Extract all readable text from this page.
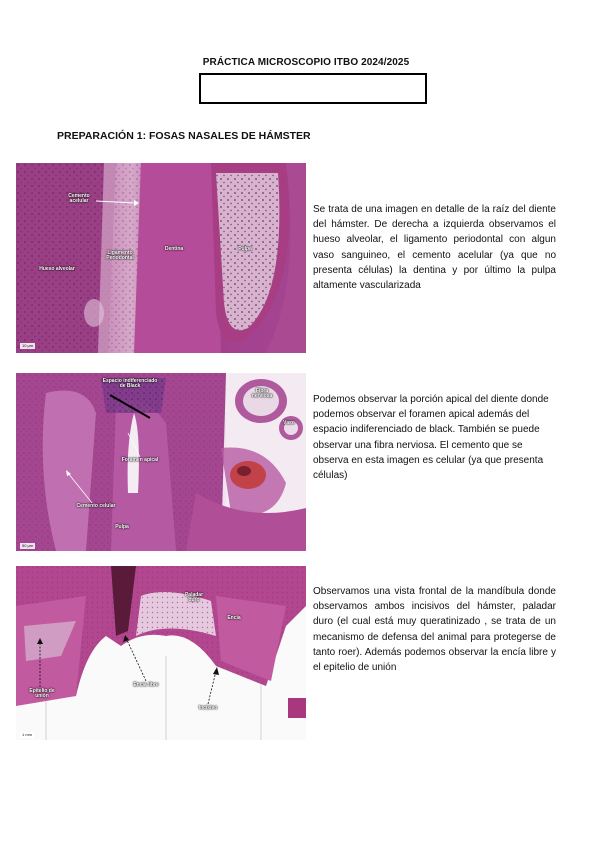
PRÁCTICA MICROSCOPIO ITBO 2024/2025
PREPARACIÓN 1: FOSAS NASALES DE HÁMSTER
Cemento acelular
Hueso alveolar
Ligamento Periodontal
Dentina	Pulpa
10 µm
Se trata de una imagen en detalle de la raíz del diente del hámster. De derecha a izquierda observamos el hueso alveolar, el ligamento periodontal con algun vaso sanguineo, el cemento acelular (ya que no presenta células) la dentina y por último la pulpa altamente vascularizada
Espacio indiferenciado de Black
Fibra nerviosa
Vaso
Foramen apical
Cemento celular
Pulpa
50 µm
Podemos observar la porción apical del diente donde podemos observar el foramen apical además del espacio indiferenciado de black. También se puede observar una fibra nerviosa. El cemento que se observa en esta imagen es celular (ya que presenta células)
Paladar duro
Encía
Epitelio de unión
Encía libre
Incisivo
1 mm
Observamos una vista frontal de la mandíbula donde observamos ambos incisivos del hámster, paladar duro (el cual está muy queratinizado , se trata de un mecanismo de defensa del animal para protegerse de tanto roer). Además podemos observar la encía libre y el epitelio de unión
